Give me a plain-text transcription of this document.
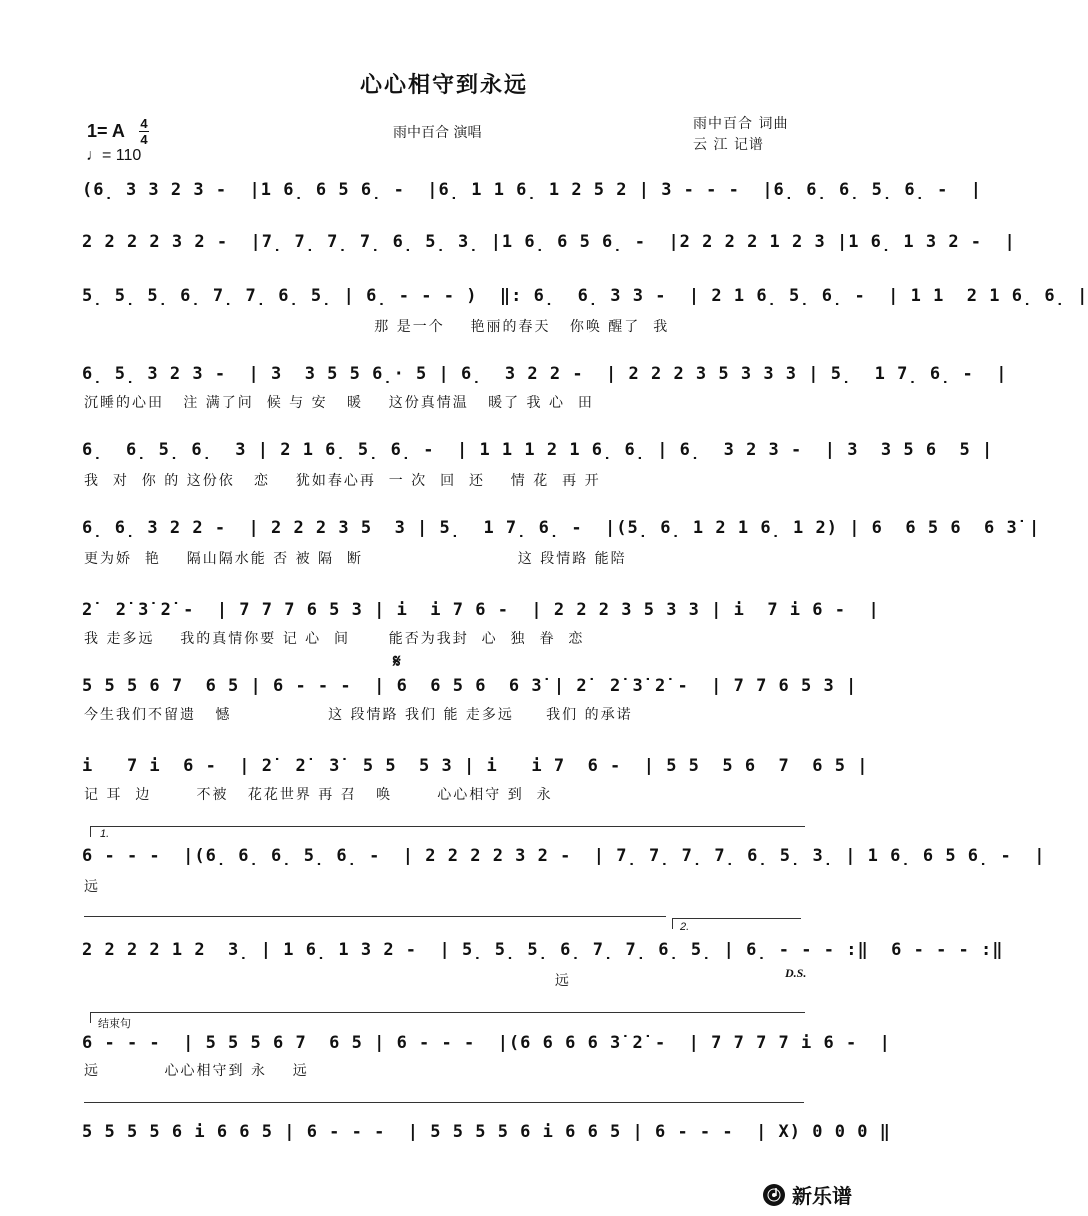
心心相守到永远
1= A 4
4
♩= 110
雨中百合 演唱
雨中百合 词曲
云 江 记谱
(6̣ 3 3 2 3 -  |1 6̣ 6 5 6̣ -  |6̣ 1 1 6̣ 1 2 5 2 | 3 - - -  |6̣ 6̣ 6̣ 5̣ 6̣ -  |
2 2 2 2 3 2 -  |7̣ 7̣ 7̣ 7̣ 6̣ 5̣ 3̣ |1 6̣ 6 5 6̣ -  |2 2 2 2 1 2 3 |1 6̣ 1 3 2 -  |
5̣ 5̣ 5̣ 6̣ 7̣ 7̣ 6̣ 5̣ | 6̣ - - - )  ‖: 6̣  6̣ 3 3 -  | 2 1 6̣ 5̣ 6̣ -  | 1 1  2 1 6̣ 6̣ |
那 是一个    艳丽的春天   你唤 醒了  我
6̣ 5̣ 3 2 3 -  | 3  3 5 5 6̣· 5 | 6̣  3 2 2 -  | 2 2 2 3 5 3 3 3 | 5̣  1 7̣ 6̣ -  |
沉睡的心田   注 满了问  候 与 安   暖    这份真情温   暖了 我 心  田
6̣  6̣ 5̣ 6̣  3 | 2 1 6̣ 5̣ 6̣ -  | 1 1 1 2 1 6̣ 6̣ | 6̣  3 2 3 -  | 3  3 5 6  5 |
我  对  你 的 这份依   恋    犹如春心再  一 次  回  还    情 花  再 开
6̣ 6̣ 3 2 2 -  | 2 2 2 3 5  3 | 5̣  1 7̣ 6̣ -  |(5̣ 6̣ 1 2 1 6̣ 1 2) | 6  6 5 6  6 3̇ |
更为娇  艳    隔山隔水能 否 被 隔  断                        这 段情路 能陪
2̇  2̇ 3̇ 2̇ -  | 7 7 7 6 5 3 | i  i 7 6 -  | 2 2 2 3 5 3 3 | i  7 i 6 -  |
我 走多远    我的真情你要 记 心  间      能否为我封  心  独  眷  恋
𝄋
5 5 5 6 7  6 5 | 6 - - -  | 6  6 5 6  6 3̇ | 2̇  2̇ 3̇ 2̇ -  | 7 7 6 5 3 |
今生我们不留遗   憾               这 段情路 我们 能 走多远     我们 的承诺
i   7 i  6 -  | 2̇  2̇  3̇  5 5  5 3 | i   i 7  6 -  | 5 5  5 6  7  6 5 |
记 耳  边       不被   花花世界 再 召   唤       心心相守 到  永
1.
6 - - -  |(6̣ 6̣ 6̣ 5̣ 6̣ -  | 2 2 2 2 3 2 -  | 7̣ 7̣ 7̣ 7̣ 6̣ 5̣ 3̣ | 1 6̣ 6 5 6̣ -  |
远
2.
2 2 2 2 1 2  3̣ | 1 6̣ 1 3 2 -  | 5̣ 5̣ 5̣ 6̣ 7̣ 7̣ 6̣ 5̣ | 6̣ - - - :‖  6 - - - :‖
远	D.S.
结束句
6 - - -  | 5 5 5 6 7  6 5 | 6 - - -  |(6 6 6 6 3̇ 2̇ -  | 7 7 7 7 i 6 -  |
远          心心相守到 永    远
5 5 5 5 6 i 6 6 5 | 6 - - -  | 5 5 5 5 6 i 6 6 5 | 6 - - -  | X) 0 0 0 ‖
新乐谱
